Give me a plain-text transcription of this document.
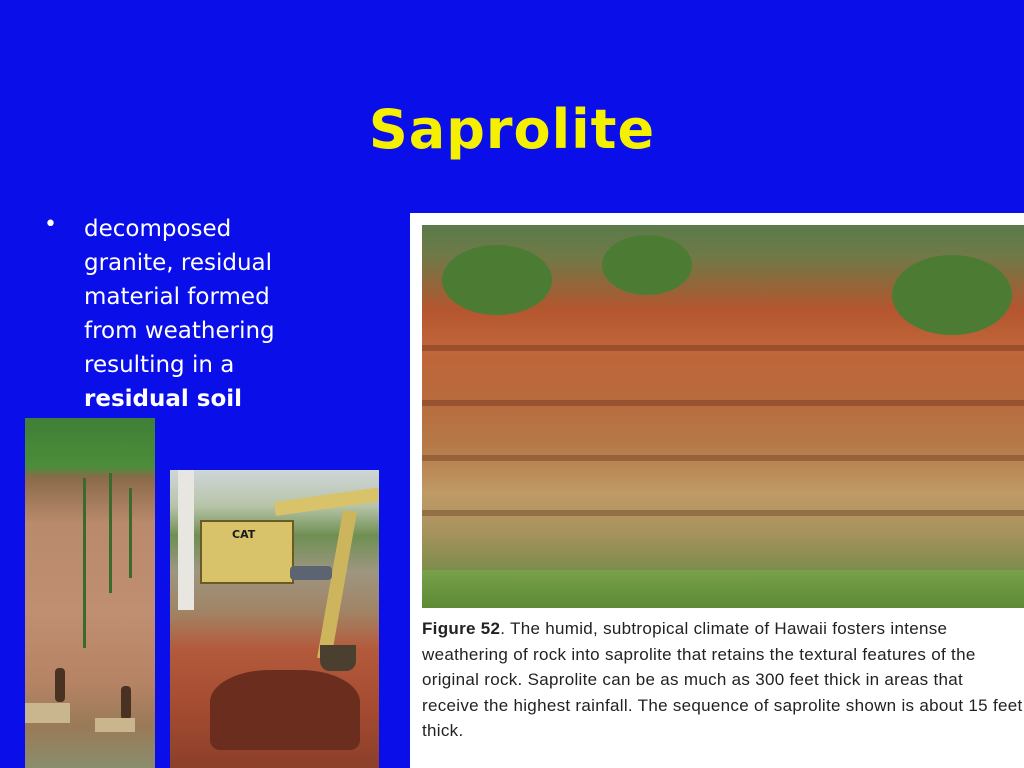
Saprolite
• decomposed granite, residual material formed from weathering resulting in a residual soil
CAT
Figure 52. The humid, subtropical climate of Hawaii fosters intense weathering of rock into saprolite that retains the textural features of the original rock. Saprolite can be as much as 300 feet thick in areas that receive the highest rainfall. The sequence of saprolite shown is about 15 feet thick.
